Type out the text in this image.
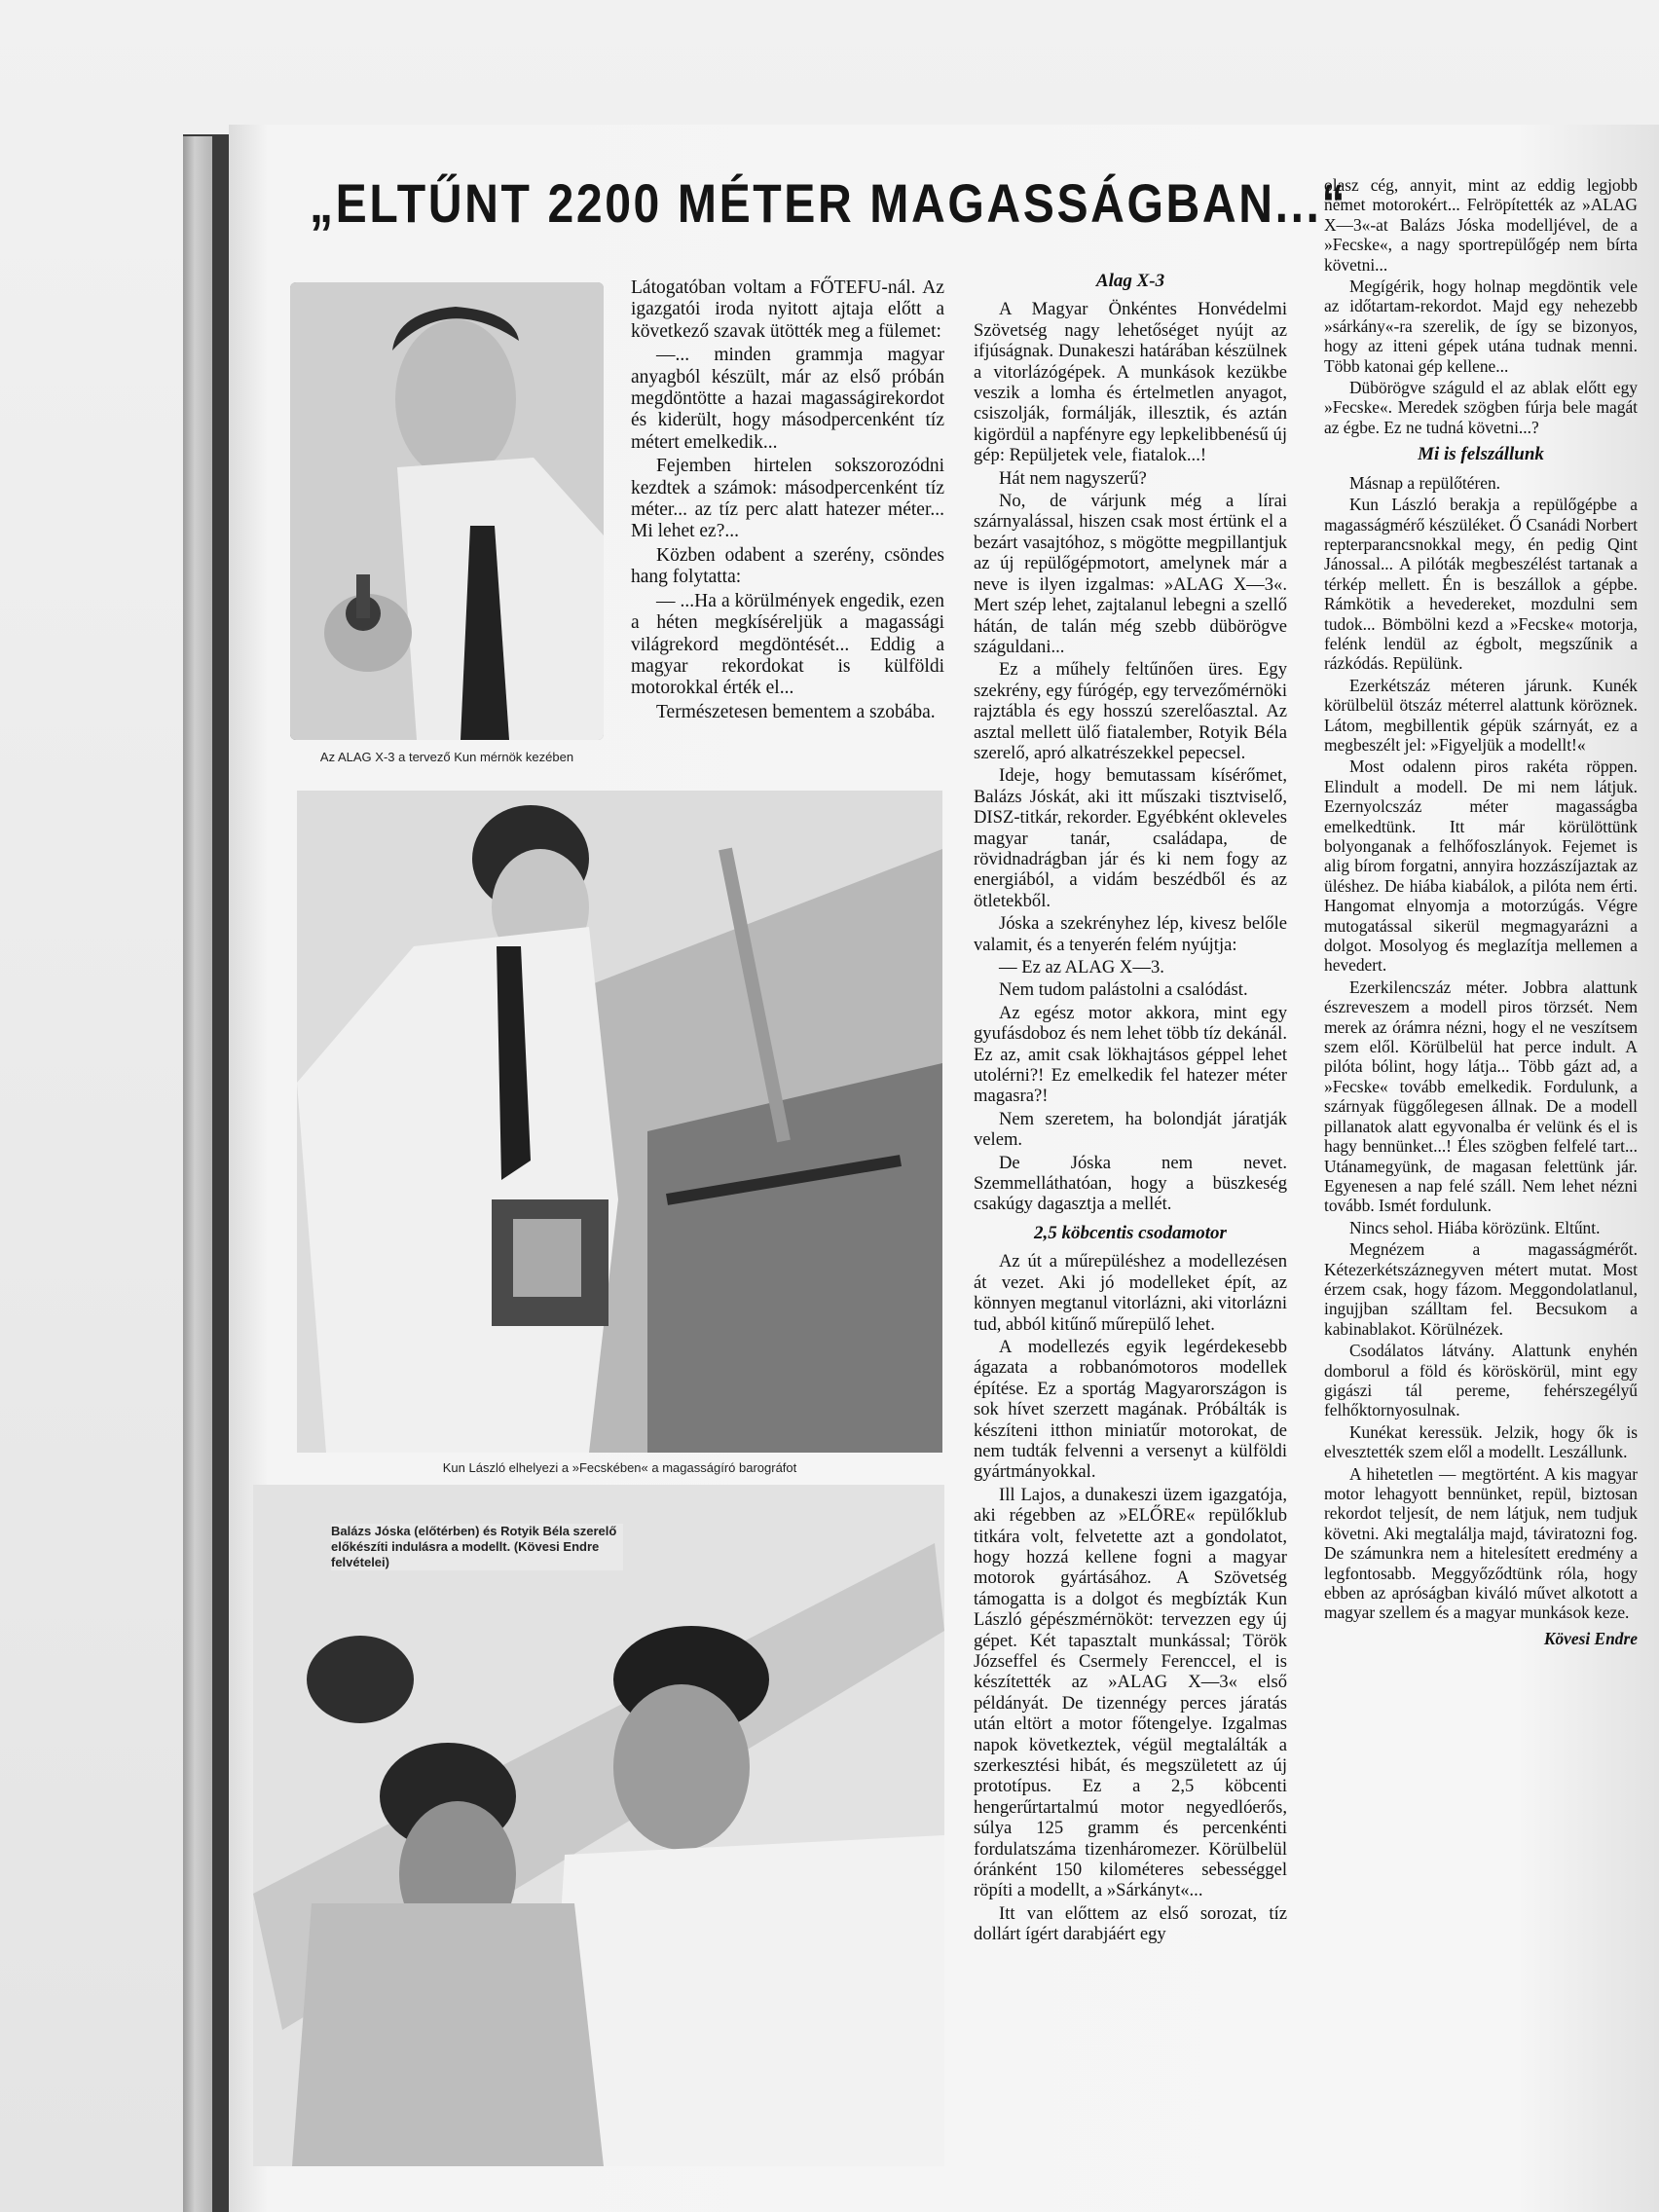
„ELTŰNT 2200 MÉTER MAGASSÁGBAN...“
Az ALAG X-3 a tervező Kun mérnök kezében
Kun László elhelyezi a »Fecskében« a magasságíró barográfot
Balázs Jóska (előtérben) és Rotyik Béla szerelő előkészíti indulásra a modellt. (Kövesi Endre felvételei)

Látogatóban voltam a FŐTEFU-nál. Az igazgatói iroda nyitott ajtaja előtt a következő szavak ütötték meg a fülemet:

—... minden grammja magyar anyagból készült, már az első próbán megdöntötte a hazai magasságirekordot és kiderült, hogy másodpercenként tíz métert emelkedik...

Fejemben hirtelen sokszorozódni kezdtek a számok: másodpercenként tíz méter... az tíz perc alatt hatezer méter... Mi lehet ez?...

Közben odabent a szerény, csöndes hang folytatta:

— ...Ha a körülmények engedik, ezen a héten megkíséreljük a magassági világrekord megdöntését... Eddig a magyar rekordokat is külföldi motorokkal érték el...

Természetesen bementem a szobába.

Alag X-3

A Magyar Önkéntes Honvédelmi Szövetség nagy lehetőséget nyújt az ifjúságnak. Dunakeszi határában készülnek a vitorlázógépek. A munkások kezükbe veszik a lomha és értelmetlen anyagot, csiszolják, formálják, illesztik, és aztán kigördül a napfényre egy lepkelibbenésű új gép: Repüljetek vele, fiatalok...!

Hát nem nagyszerű?

No, de várjunk még a lírai szárnyalással, hiszen csak most értünk el a bezárt vasajtóhoz, s mögötte megpillantjuk az új repülőgépmotort, amelynek már a neve is ilyen izgalmas: »ALAG X—3«. Mert szép lehet, zajtalanul lebegni a szellő hátán, de talán még szebb dübörögve száguldani...

Ez a műhely feltűnően üres. Egy szekrény, egy fúrógép, egy tervezőmérnöki rajztábla és egy hosszú szerelőasztal. Az asztal mellett ülő fiatalember, Rotyik Béla szerelő, apró alkatrészekkel pepecsel.

Ideje, hogy bemutassam kísérőmet, Balázs Jóskát, aki itt műszaki tisztviselő, DISZ-titkár, rekorder. Egyébként okleveles magyar tanár, családapa, de rövidnadrágban jár és ki nem fogy az energiából, a vidám beszédből és az ötletekből.

Jóska a szekrényhez lép, kivesz belőle valamit, és a tenyerén felém nyújtja:

— Ez az ALAG X—3.

Nem tudom palástolni a csalódást.

Az egész motor akkora, mint egy gyufásdoboz és nem lehet több tíz dekánál. Ez az, amit csak lökhajtásos géppel lehet utolérni?! Ez emelkedik fel hatezer méter magasra?!

Nem szeretem, ha bolondját járatják velem.

De Jóska nem nevet. Szemmelláthatóan, hogy a büszkeség csakúgy dagasztja a mellét.

2,5 köbcentis csodamotor

Az út a műrepüléshez a modellezésen át vezet. Aki jó modelleket épít, az könnyen megtanul vitorlázni, aki vitorlázni tud, abból kitűnő műrepülő lehet.

A modellezés egyik legérdekesebb ágazata a robbanómotoros modellek építése. Ez a sportág Magyarországon is sok hívet szerzett magának. Próbálták is készíteni itthon miniatűr motorokat, de nem tudták felvenni a versenyt a külföldi gyártmányokkal.

Ill Lajos, a dunakeszi üzem igazgatója, aki régebben az »ELŐRE« repülőklub titkára volt, felvetette azt a gondolatot, hogy hozzá kellene fogni a magyar motorok gyártásához. A Szövetség támogatta is a dolgot és megbízták Kun László gépészmérnököt: tervezzen egy új gépet. Két tapasztalt munkással; Török Józseffel és Csermely Ferenccel, el is készítették az »ALAG X—3« első példányát. De tizennégy perces járatás után eltört a motor főtengelye. Izgalmas napok következtek, végül megtalálták a szerkesztési hibát, és megszületett az új prototípus. Ez a 2,5 köbcenti hengerűrtartalmú motor negyedlóerős, súlya 125 gramm és percenkénti fordulatszáma tizenháromezer. Körülbelül óránként 150 kilométeres sebességgel röpíti a modellt, a »Sárkányt«...

Itt van előttem az első sorozat, tíz dollárt ígért darabjáért egy

olasz cég, annyit, mint az eddig legjobb német motorokért... Felröpítették az »ALAG X—3«-at Balázs Jóska modelljével, de a »Fecske«, a nagy sportrepülőgép nem bírta követni...

Megígérik, hogy holnap megdöntik vele az időtartam-rekordot. Majd egy nehezebb »sárkány«-ra szerelik, de így se bizonyos, hogy az itteni gépek utána tudnak menni. Több katonai gép kellene...

Dübörögve száguld el az ablak előtt egy »Fecske«. Meredek szögben fúrja bele magát az égbe. Ez ne tudná követni...?

Mi is felszállunk

Másnap a repülőtéren.

Kun László berakja a repülőgépbe a magasságmérő készüléket. Ő Csanádi Norbert repterparancsnokkal megy, én pedig Qint Jánossal... A pilóták megbeszélést tartanak a térkép mellett. Én is beszállok a gépbe. Rámkötik a hevedereket, mozdulni sem tudok... Bömbölni kezd a »Fecske« motorja, felénk lendül az égbolt, megszűnik a rázkódás. Repülünk.

Ezerkétszáz méteren járunk. Kunék körülbelül ötszáz méterrel alattunk köröznek. Látom, megbillentik gépük szárnyát, ez a megbeszélt jel: »Figyeljük a modellt!«

Most odalenn piros rakéta röppen. Elindult a modell. De mi nem látjuk. Ezernyolcszáz méter magasságba emelkedtünk. Itt már körülöttünk bolyonganak a felhőfoszlányok. Fejemet is alig bírom forgatni, annyira hozzászíjaztak az üléshez. De hiába kiabálok, a pilóta nem érti. Hangomat elnyomja a motorzúgás. Végre mutogatással sikerül megmagyarázni a dolgot. Mosolyog és meglazítja mellemen a hevedert.

Ezerkilencszáz méter. Jobbra alattunk észreveszem a modell piros törzsét. Nem merek az órámra nézni, hogy el ne veszítsem szem elől. Körülbelül hat perce indult. A pilóta bólint, hogy látja... Több gázt ad, a »Fecske« tovább emelkedik. Fordulunk, a szárnyak függőlegesen állnak. De a modell pillanatok alatt egyvonalba ér velünk és el is hagy bennünket...! Éles szögben felfelé tart... Utánamegyünk, de magasan felettünk jár. Egyenesen a nap felé száll. Nem lehet nézni tovább. Ismét fordulunk.

Nincs sehol. Hiába körözünk. Eltűnt.

Megnézem a magasságmérőt. Kétezerkétszáznegyven métert mutat. Most érzem csak, hogy fázom. Meggondolatlanul, ingujjban szálltam fel. Becsukom a kabinablakot. Körülnézek.

Csodálatos látvány. Alattunk enyhén domborul a föld és köröskörül, mint egy gigászi tál pereme, fehérszegélyű felhőktornyosulnak.

Kunékat keressük. Jelzik, hogy ők is elvesztették szem elől a modellt. Leszállunk.

A hihetetlen — megtörtént. A kis magyar motor lehagyott bennünket, repül, biztosan rekordot teljesít, de nem látjuk, nem tudjuk követni. Aki megtalálja majd, táviratozni fog. De számunkra nem a hitelesített eredmény a legfontosabb. Meggyőződtünk róla, hogy ebben az apróságban kiváló művet alkotott a magyar szellem és a magyar munkások keze.

Kövesi Endre
